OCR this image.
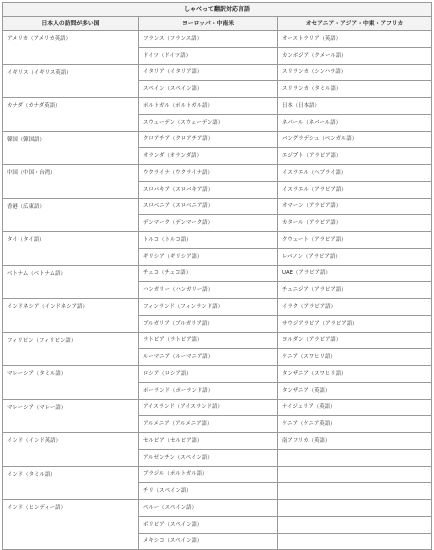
しゃべって翻訳対応言語		
日本人の訪問が多い国	ヨーロッパ・中南米	オセアニア・アジア・中東・アフリカ
アメリカ（アメリカ英語）	フランス（フランス語）	オーストラリア（英語）
	ドイツ（ドイツ語）	カンボジア（クメール語）
イギリス（イギリス英語）	イタリア（イタリア語）	スリランカ（シンハラ語）
	スペイン（スペイン語）	スリランカ（タミル語）
カナダ（カナダ英語）	ポルトガル（ポルトガル語）	日本（日本語）
	スウェーデン（スウェーデン語）	ネパール（ネパール語）
韓国（韓国語）	クロアチア（クロアチア語）	バングラデシュ（ベンガル語）
	オランダ（オランダ語）	エジプト（アラビア語）
中国（中国・台湾）	ウクライナ（ウクライナ語）	イスラエル（ヘブライ語）
	スロバキア（スロバキア語）	イスラエル（アラビア語）
香港（広東語）	スロベニア（スロベニア語）	オマーン（アラビア語）
	デンマーク（デンマーク語）	カタール（アラビア語）
タイ（タイ語）	トルコ（トルコ語）	クウェート（アラビア語）
	ギリシア（ギリシア語）	レバノン（アラビア語）
ベトナム（ベトナム語）	チェコ（チェコ語）	UAE（アラビア語）
	ハンガリー（ハンガリー語）	チュニジア（アラビア語）
インドネシア（インドネシア語）	フィンランド（フィンランド語）	イラク（アラビア語）
	ブルガリア（ブルガリア語）	サウジアラビア（アラビア語）
フィリピン（フィリピン語）	ラトビア（ラトビア語）	ヨルダン（アラビア語）
	ルーマニア（ルーマニア語）	ケニア（スワヒリ語）
マレーシア（タミル語）	ロシア（ロシア語）	タンザニア（スワヒリ語）
	ポーランド（ポーランド語）	タンザニア（英語）
マレーシア（マレー語）	アイスランド（アイスランド語）	ナイジェリア（英語）
	アルメニア（アルメニア語）	ケニア（ケニア英語）
インド（インド英語）	セルビア（セルビア語）	南アフリカ（英語）
	アルゼンチン（スペイン語）	
インド（タミル語）	ブラジル（ポルトガル語）	
	チリ（スペイン語）	
インド（ヒンディー語）	ペルー（スペイン語）	
	ボリビア（スペイン語）	
	メキシコ（スペイン語）	
